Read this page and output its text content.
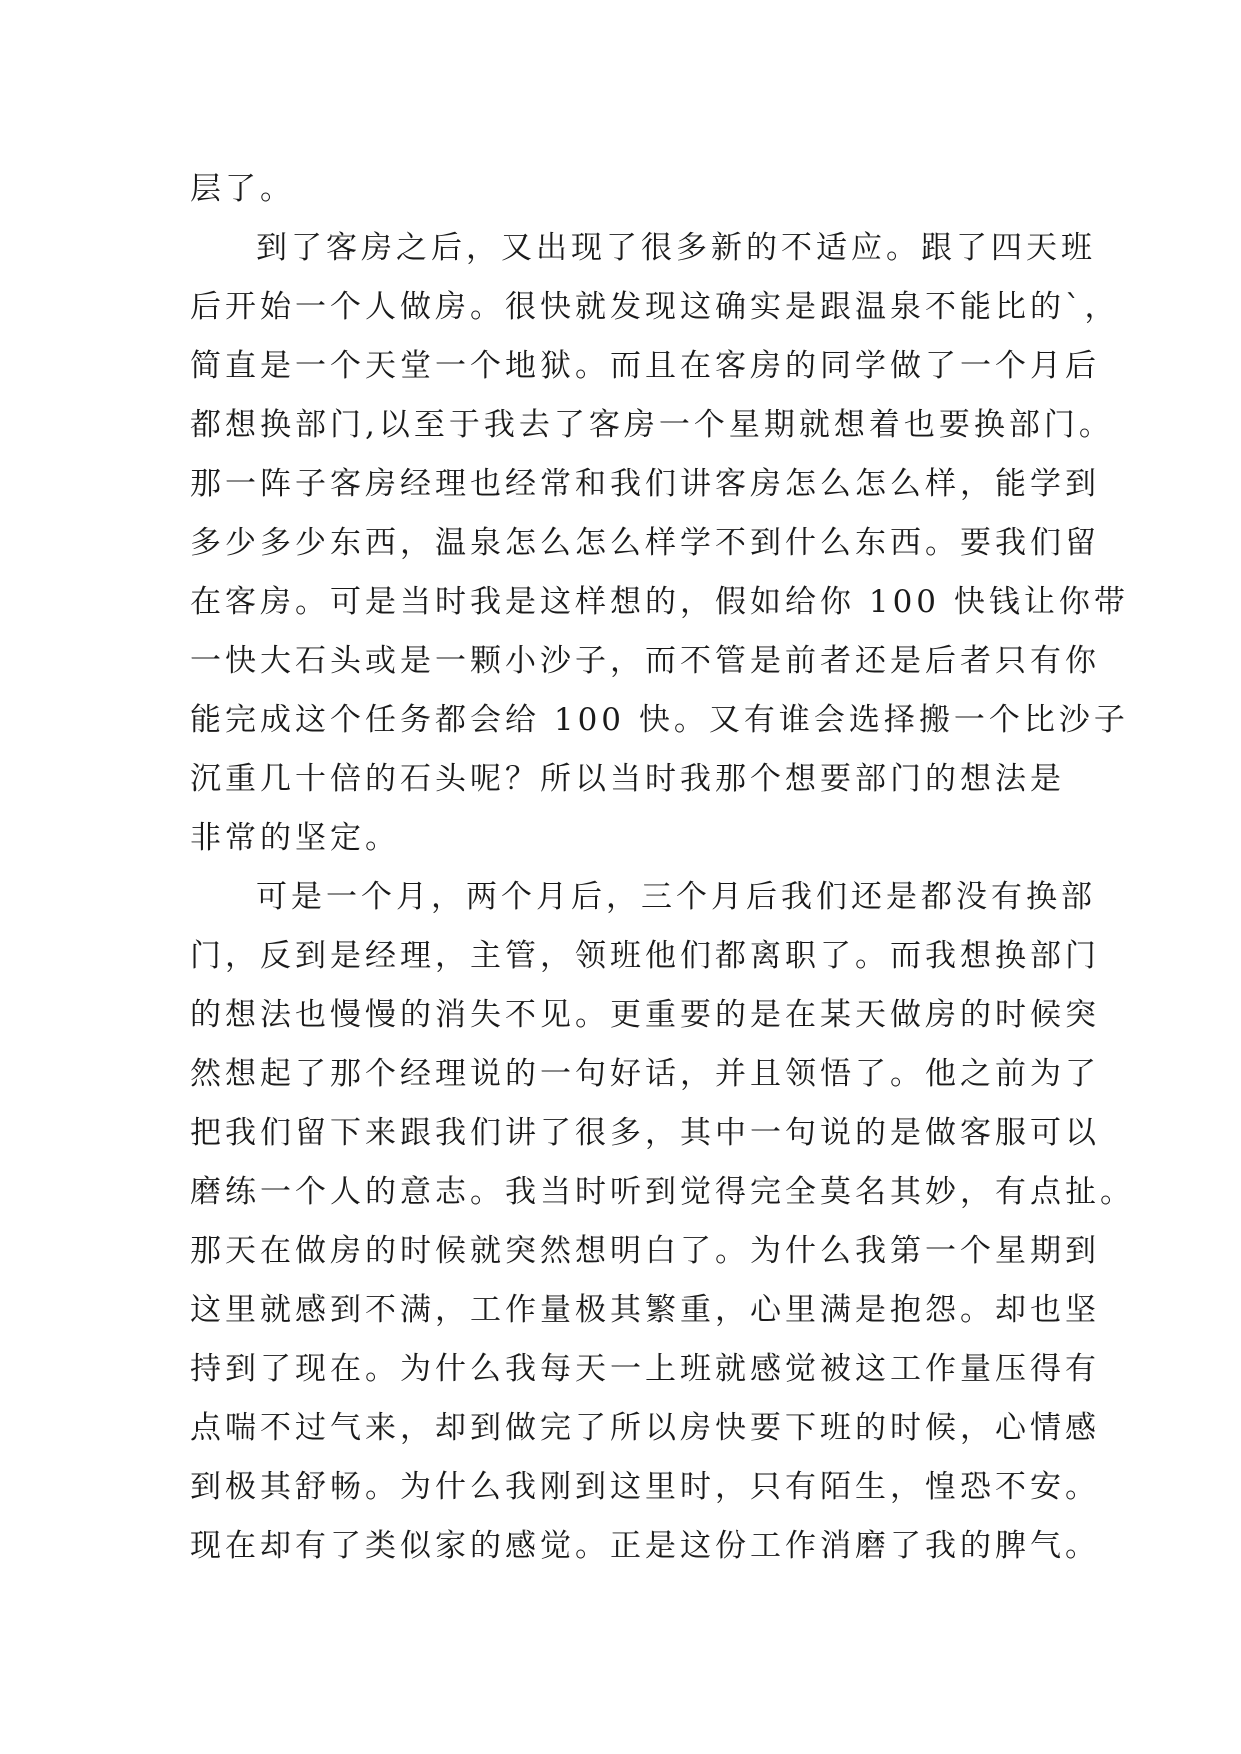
层了。
到了客房之后，又出现了很多新的不适应。跟了四天班
后开始一个人做房。很快就发现这确实是跟温泉不能比的`，
简直是一个天堂一个地狱。而且在客房的同学做了一个月后
都想换部门,以至于我去了客房一个星期就想着也要换部门。
那一阵子客房经理也经常和我们讲客房怎么怎么样，能学到
多少多少东西，温泉怎么怎么样学不到什么东西。要我们留
在客房。可是当时我是这样想的，假如给你 100 快钱让你带
一快大石头或是一颗小沙子，而不管是前者还是后者只有你
能完成这个任务都会给 100 快。又有谁会选择搬一个比沙子
沉重几十倍的石头呢？所以当时我那个想要部门的想法是
非常的坚定。
可是一个月，两个月后，三个月后我们还是都没有换部
门，反到是经理，主管，领班他们都离职了。而我想换部门
的想法也慢慢的消失不见。更重要的是在某天做房的时候突
然想起了那个经理说的一句好话，并且领悟了。他之前为了
把我们留下来跟我们讲了很多，其中一句说的是做客服可以
磨练一个人的意志。我当时听到觉得完全莫名其妙，有点扯。
那天在做房的时候就突然想明白了。为什么我第一个星期到
这里就感到不满，工作量极其繁重，心里满是抱怨。却也坚
持到了现在。为什么我每天一上班就感觉被这工作量压得有
点喘不过气来，却到做完了所以房快要下班的时候，心情感
到极其舒畅。为什么我刚到这里时，只有陌生，惶恐不安。
现在却有了类似家的感觉。正是这份工作消磨了我的脾气。
